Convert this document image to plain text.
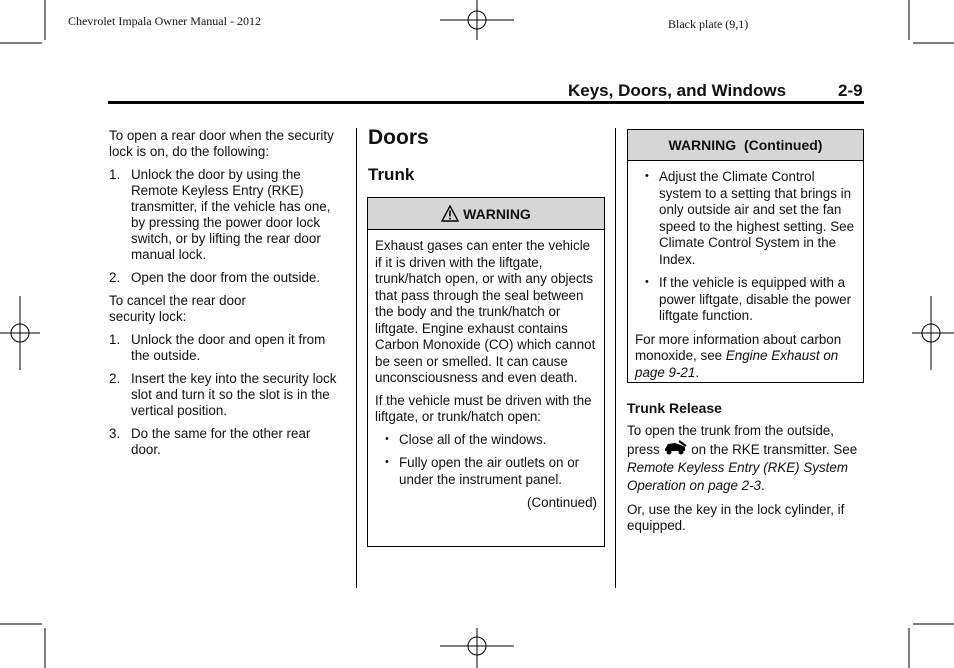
Chevrolet Impala Owner Manual - 2012	Black plate (9,1)
Keys, Doors, and Windows	2-9

To open a rear door when the security lock is on, do the following:

1. Unlock the door by using the Remote Keyless Entry (RKE) transmitter, if the vehicle has one, by pressing the power door lock switch, or by lifting the rear door manual lock.
2. Open the door from the outside.

To cancel the rear door security lock:

1. Unlock the door and open it from the outside.
2. Insert the key into the security lock slot and turn it so the slot is in the vertical position.
3. Do the same for the other rear door.
Doors
Trunk
WARNING

Exhaust gases can enter the vehicle if it is driven with the liftgate, trunk/hatch open, or with any objects that pass through the seal between the body and the trunk/hatch or liftgate. Engine exhaust contains Carbon Monoxide (CO) which cannot be seen or smelled. It can cause unconsciousness and even death.

If the vehicle must be driven with the liftgate, or trunk/hatch open:

• Close all of the windows.
• Fully open the air outlets on or under the instrument panel.

(Continued)

WARNING  (Continued)
• Adjust the Climate Control system to a setting that brings in only outside air and set the fan speed to the highest setting. See Climate Control System in the Index.
• If the vehicle is equipped with a power liftgate, disable the power liftgate function.

For more information about carbon monoxide, see Engine Exhaust on page 9-21.

Trunk Release

To open the trunk from the outside, press  on the RKE transmitter. See Remote Keyless Entry (RKE) System Operation on page 2-3.

Or, use the key in the lock cylinder, if equipped.
